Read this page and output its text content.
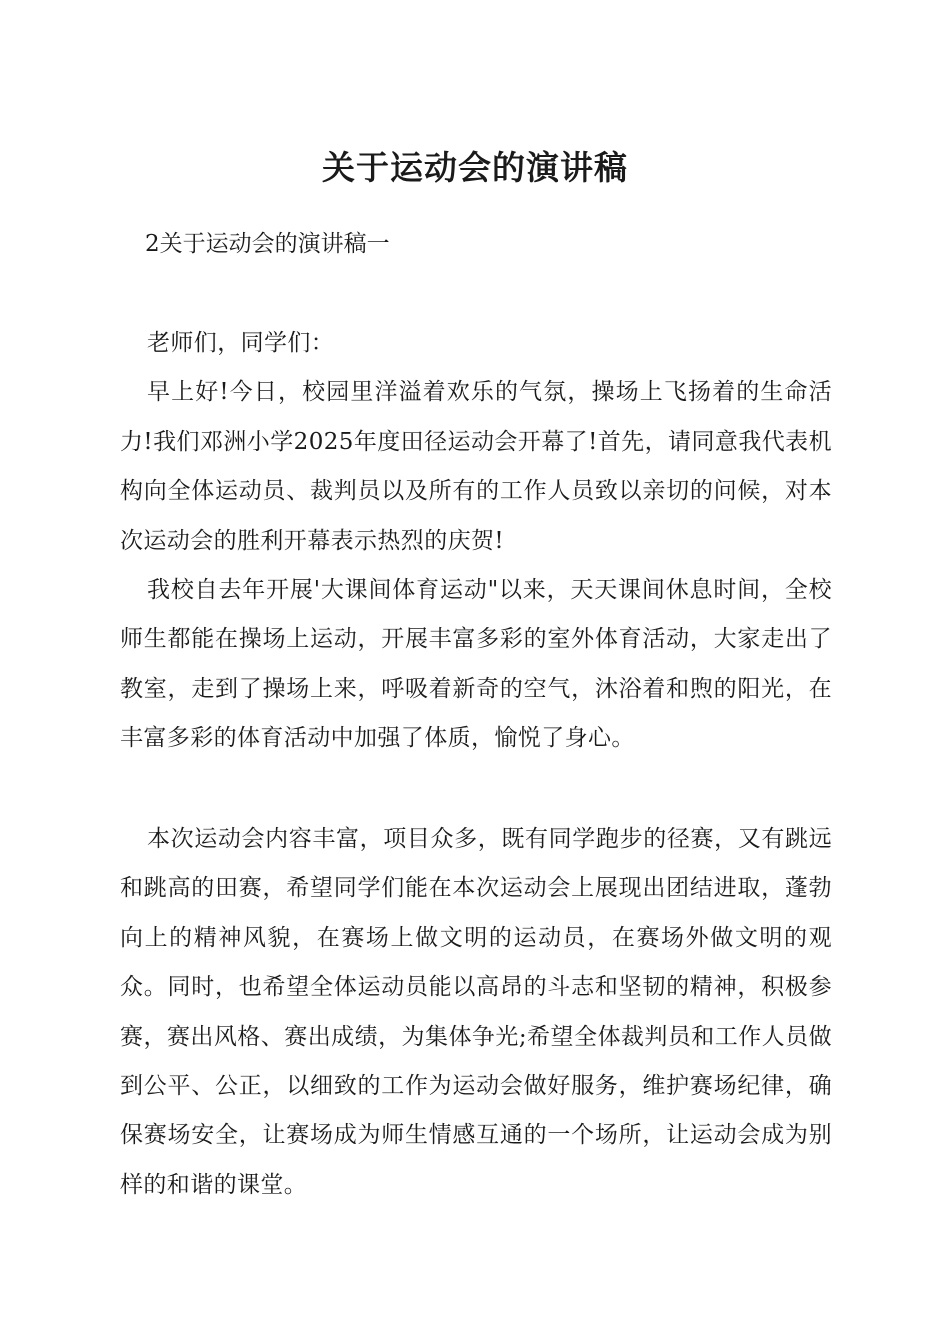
关于运动会的演讲稿

2关于运动会的演讲稿一

老师们，同学们：

早上好!今日，校园里洋溢着欢乐的气氛，操场上飞扬着的生命活力!我们邓洲小学2025年度田径运动会开幕了!首先，请同意我代表机构向全体运动员、裁判员以及所有的工作人员致以亲切的问候，对本次运动会的胜利开幕表示热烈的庆贺!

我校自去年开展'大课间体育运动"以来，天天课间休息时间，全校师生都能在操场上运动，开展丰富多彩的室外体育活动，大家走出了教室，走到了操场上来，呼吸着新奇的空气，沐浴着和煦的阳光，在丰富多彩的体育活动中加强了体质，愉悦了身心。

本次运动会内容丰富，项目众多，既有同学跑步的径赛，又有跳远和跳高的田赛，希望同学们能在本次运动会上展现出团结进取，蓬勃向上的精神风貌，在赛场上做文明的运动员，在赛场外做文明的观众。同时，也希望全体运动员能以高昂的斗志和坚韧的精神，积极参赛，赛出风格、赛出成绩，为集体争光;希望全体裁判员和工作人员做到公平、公正，以细致的工作为运动会做好服务，维护赛场纪律，确保赛场安全，让赛场成为师生情感互通的一个场所，让运动会成为别样的和谐的课堂。
